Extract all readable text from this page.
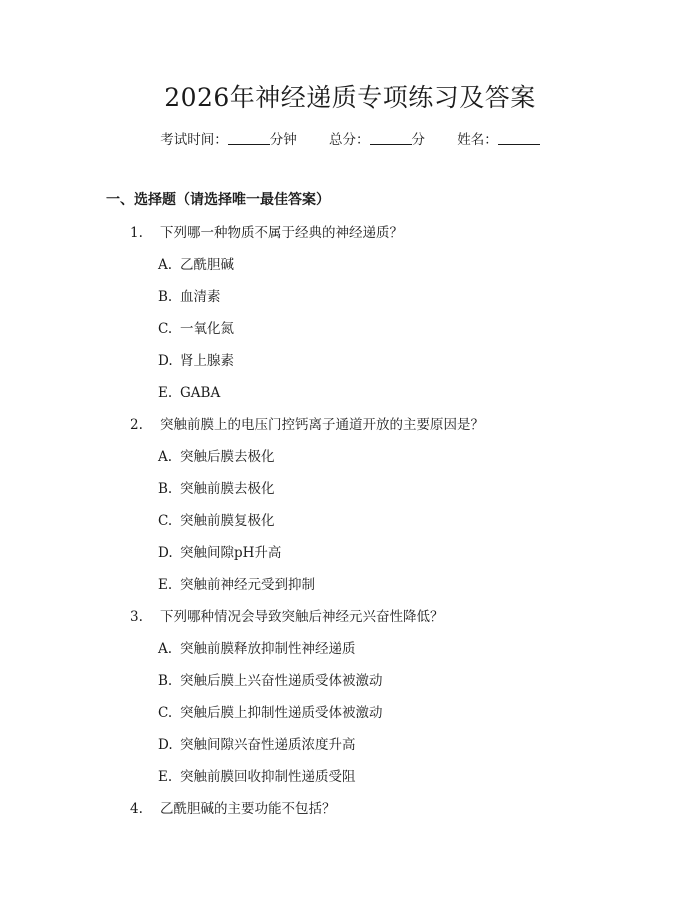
2026年神经递质专项练习及答案
考试时间：	分钟 总分：	分 姓名：
一、选择题（请选择唯一最佳答案）
1. 下列哪一种物质不属于经典的神经递质？
A. 乙酰胆碱
B. 血清素
C. 一氧化氮
D. 肾上腺素
E. GABA
2. 突触前膜上的电压门控钙离子通道开放的主要原因是？
A. 突触后膜去极化
B. 突触前膜去极化
C. 突触前膜复极化
D. 突触间隙pH升高
E. 突触前神经元受到抑制
3. 下列哪种情况会导致突触后神经元兴奋性降低？
A. 突触前膜释放抑制性神经递质
B. 突触后膜上兴奋性递质受体被激动
C. 突触后膜上抑制性递质受体被激动
D. 突触间隙兴奋性递质浓度升高
E. 突触前膜回收抑制性递质受阻
4. 乙酰胆碱的主要功能不包括？
